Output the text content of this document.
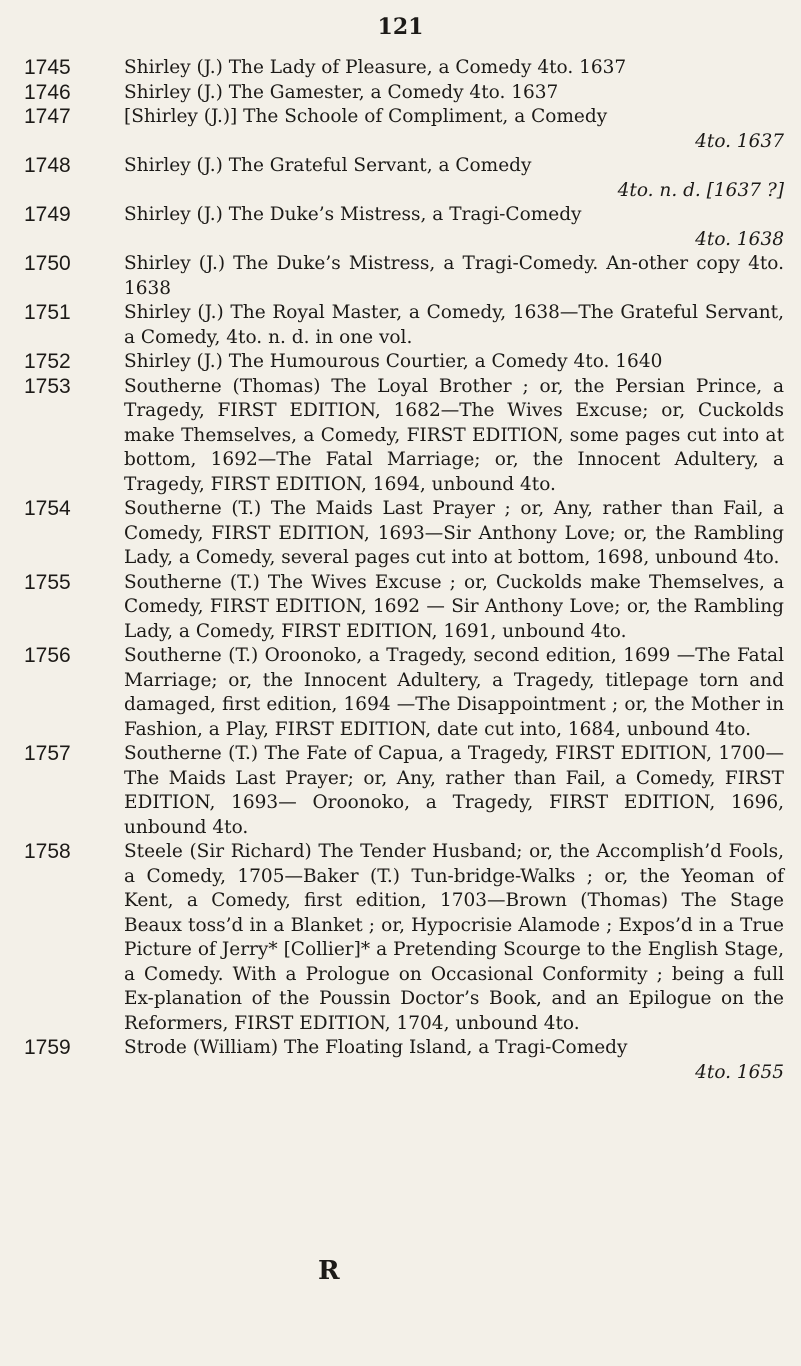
121
1745	Shirley (J.) The Lady of Pleasure, a Comedy 4to. 1637
1746	Shirley (J.) The Gamester, a Comedy 4to. 1637
1747	[Shirley (J.)] The Schoole of Compliment, a Comedy
4to. 1637
1748	Shirley (J.) The Grateful Servant, a Comedy
4to. n. d. [1637 ?]
1749	Shirley (J.) The Duke’s Mistress, a Tragi-Comedy
4to. 1638
1750	Shirley (J.) The Duke’s Mistress, a Tragi-Comedy. An-other copy 4to. 1638
1751	Shirley (J.) The Royal Master, a Comedy, 1638—The Grateful Servant, a Comedy, 4to. n. d. in one vol.
1752	Shirley (J.) The Humourous Courtier, a Comedy 4to. 1640
1753	Southerne (Thomas) The Loyal Brother ; or, the Persian Prince, a Tragedy, FIRST EDITION, 1682—The Wives Excuse; or, Cuckolds make Themselves, a Comedy, FIRST EDITION, some pages cut into at bottom, 1692—The Fatal Marriage; or, the Innocent Adultery, a Tragedy, FIRST EDITION, 1694, unbound 4to.
1754	Southerne (T.) The Maids Last Prayer ; or, Any, rather than Fail, a Comedy, FIRST EDITION, 1693—Sir Anthony Love; or, the Rambling Lady, a Comedy, several pages cut into at bottom, 1698, unbound 4to.
1755	Southerne (T.) The Wives Excuse ; or, Cuckolds make Themselves, a Comedy, FIRST EDITION, 1692 — Sir Anthony Love; or, the Rambling Lady, a Comedy, FIRST EDITION, 1691, unbound 4to.
1756	Southerne (T.) Oroonoko, a Tragedy, second edition, 1699 —The Fatal Marriage; or, the Innocent Adultery, a Tragedy, titlepage torn and damaged, first edition, 1694 —The Disappointment ; or, the Mother in Fashion, a Play, FIRST EDITION, date cut into, 1684, unbound 4to.
1757	Southerne (T.) The Fate of Capua, a Tragedy, FIRST EDITION, 1700—The Maids Last Prayer; or, Any, rather than Fail, a Comedy, FIRST EDITION, 1693— Oroonoko, a Tragedy, FIRST EDITION, 1696, unbound 4to.
1758	Steele (Sir Richard) The Tender Husband; or, the Accomplish’d Fools, a Comedy, 1705—Baker (T.) Tun-bridge-Walks ; or, the Yeoman of Kent, a Comedy, first edition, 1703—Brown (Thomas) The Stage Beaux toss’d in a Blanket ; or, Hypocrisie Alamode ; Expos’d in a True Picture of Jerry* [Collier]* a Pretending Scourge to the English Stage, a Comedy. With a Prologue on Occasional Conformity ; being a full Ex-planation of the Poussin Doctor’s Book, and an Epilogue on the Reformers, FIRST EDITION, 1704, unbound 4to.
1759	Strode (William) The Floating Island, a Tragi-Comedy
4to. 1655
R
